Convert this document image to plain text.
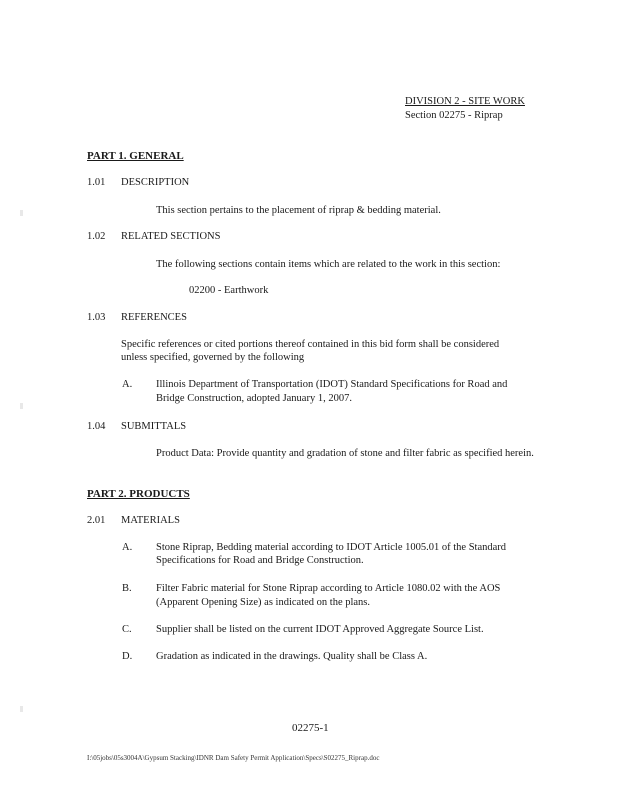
DIVISION 2 - SITE WORK
Section 02275 - Riprap
PART 1. GENERAL
1.01 DESCRIPTION
This section pertains to the placement of riprap & bedding material.
1.02 RELATED SECTIONS
The following sections contain items which are related to the work in this section:
02200 - Earthwork
1.03 REFERENCES
Specific references or cited portions thereof contained in this bid form shall be considered
unless specified, governed by the following
A. Illinois Department of Transportation (IDOT) Standard Specifications for Road and
Bridge Construction, adopted January 1, 2007.
1.04 SUBMITTALS
Product Data: Provide quantity and gradation of stone and filter fabric as specified herein.
PART 2. PRODUCTS
2.01 MATERIALS
A. Stone Riprap, Bedding material according to IDOT Article 1005.01 of the Standard
Specifications for Road and Bridge Construction.
B. Filter Fabric material for Stone Riprap according to Article 1080.02 with the AOS
(Apparent Opening Size) as indicated on the plans.
C. Supplier shall be listed on the current IDOT Approved Aggregate Source List.
D. Gradation as indicated in the drawings. Quality shall be Class A.
02275-1
I:\05jobs\05s3004A\Gypsum Stacking\IDNR Dam Safety Permit Application\Specs\S02275_Riprap.doc
